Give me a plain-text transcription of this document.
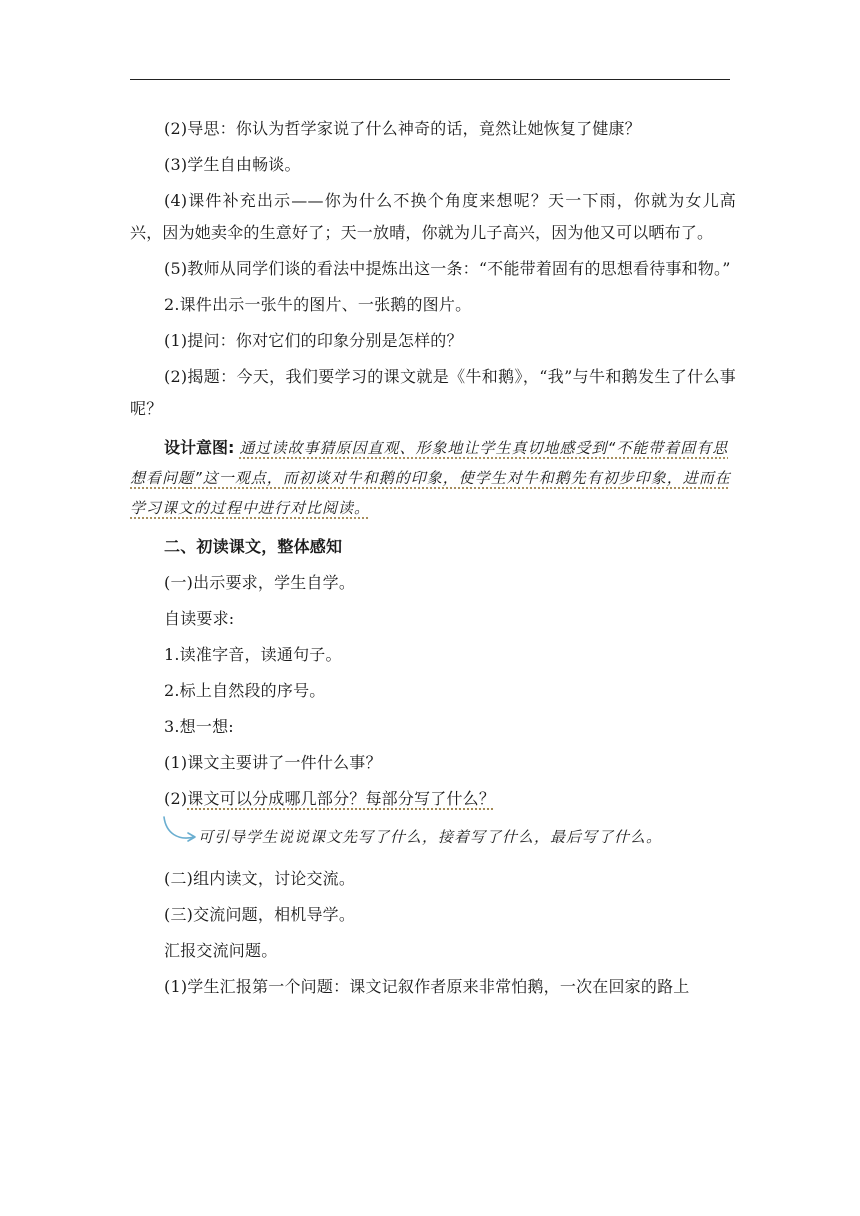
(2)导思：你认为哲学家说了什么神奇的话，竟然让她恢复了健康？

(3)学生自由畅谈。

(4)课件补充出示——你为什么不换个角度来想呢？天一下雨，你就为女儿高兴，因为她卖伞的生意好了；天一放晴，你就为儿子高兴，因为他又可以晒布了。

(5)教师从同学们谈的看法中提炼出这一条：“不能带着固有的思想看待事和物。”

2.课件出示一张牛的图片、一张鹅的图片。

(1)提问：你对它们的印象分别是怎样的？

(2)揭题：今天，我们要学习的课文就是《牛和鹅》，“我”与牛和鹅发生了什么事呢？

设计意图: 通过读故事猜原因直观、形象地让学生真切地感受到“不能带着固有思想看问题”这一观点，而初谈对牛和鹅的印象，使学生对牛和鹅先有初步印象，进而在学习课文的过程中进行对比阅读。

二、初读课文，整体感知

(一)出示要求，学生自学。

自读要求:

1.读准字音，读通句子。

2.标上自然段的序号。

3.想一想:

(1)课文主要讲了一件什么事？

(2)课文可以分成哪几部分？每部分写了什么？

可引导学生说说课文先写了什么，接着写了什么，最后写了什么。

(二)组内读文，讨论交流。

(三)交流问题，相机导学。

汇报交流问题。

(1)学生汇报第一个问题：课文记叙作者原来非常怕鹅，一次在回家的路上
